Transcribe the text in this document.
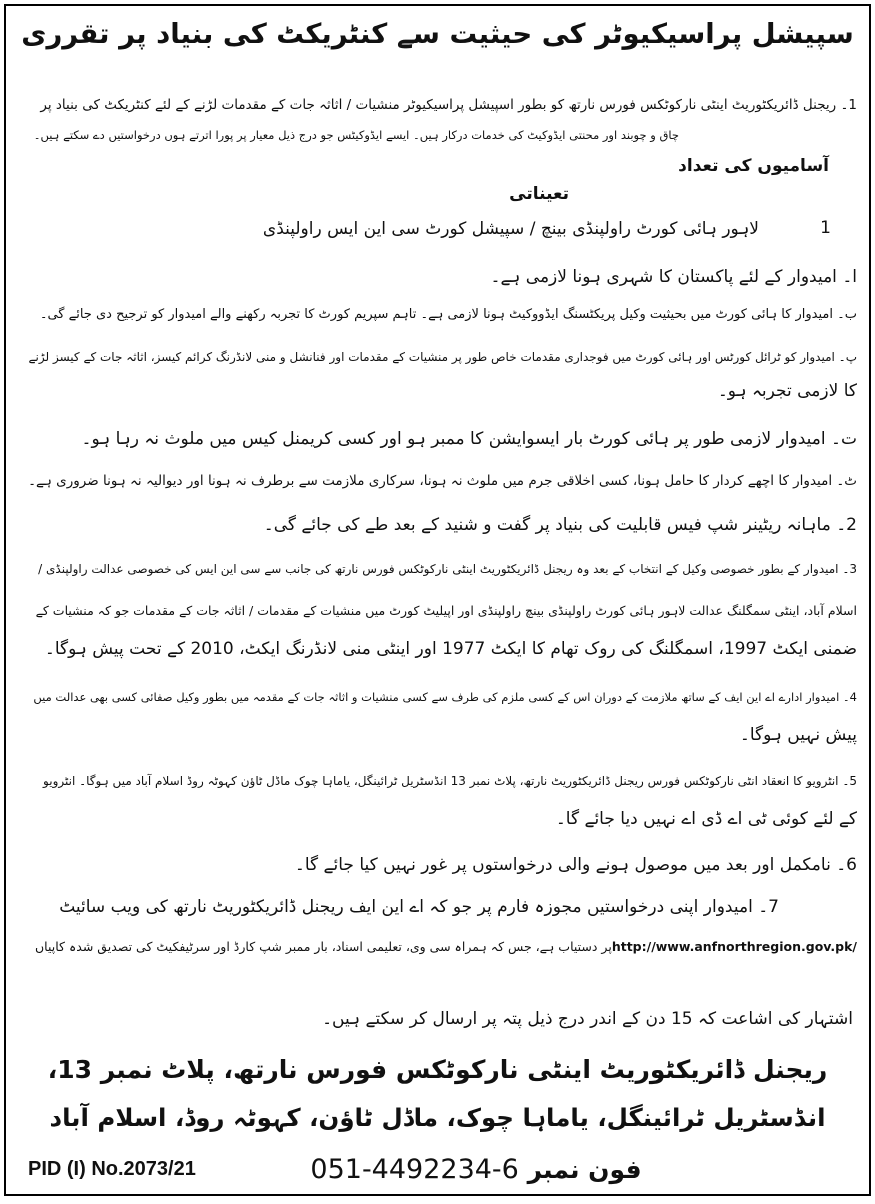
سپیشل پراسیکیوٹر کی حیثیت سے کنٹریکٹ کی بنیاد پر تقرری
1۔ ریجنل ڈائریکٹوریٹ اینٹی نارکوٹکس فورس نارتھ کو بطور اسپیشل پراسیکیوٹر منشیات / اثاثہ جات کے مقدمات لڑنے کے لئے کنٹریکٹ کی بنیاد پر
چاق و چوبند اور محنتی ایڈوکیٹ کی خدمات درکار ہیں۔ ایسے ایڈوکیٹس جو درج ذیل معیار پر پورا اترتے ہوں درخواستیں دے سکتے ہیں۔
آسامیوں کی تعداد
تعیناتی
1
لاہور ہائی کورٹ راولپنڈی بینچ / سپیشل کورٹ سی این ایس راولپنڈی
ا۔ امیدوار کے لئے پاکستان کا شہری ہونا لازمی ہے۔
ب۔ امیدوار کا ہائی کورٹ میں بحیثیت وکیل پریکٹسنگ ایڈووکیٹ ہونا لازمی ہے۔ تاہم سپریم کورٹ کا تجربہ رکھنے والے امیدوار کو ترجیح دی جائے گی۔
پ۔ امیدوار کو ٹرائل کورٹس اور ہائی کورٹ میں فوجداری مقدمات خاص طور پر منشیات کے مقدمات اور فنانشل و منی لانڈرنگ کرائم کیسز، اثاثہ جات کے کیسز لڑنے
کا لازمی تجربہ ہو۔
ت۔ امیدوار لازمی طور پر ہائی کورٹ بار ایسوایشن کا ممبر ہو اور کسی کریمنل کیس میں ملوث نہ رہا ہو۔
ٹ۔ امیدوار کا اچھے کردار کا حامل ہونا، کسی اخلاقی جرم میں ملوث نہ ہونا، سرکاری ملازمت سے برطرف نہ ہونا اور دیوالیہ نہ ہونا ضروری ہے۔
2۔ ماہانہ ریٹینر شپ فیس قابلیت کی بنیاد پر گفت و شنید کے بعد طے کی جائے گی۔
3۔ امیدوار کے بطور خصوصی وکیل کے انتخاب کے بعد وہ ریجنل ڈائریکٹوریٹ اینٹی نارکوٹکس فورس نارتھ کی جانب سے سی این ایس کی خصوصی عدالت راولپنڈی /
اسلام آباد، اینٹی سمگلنگ عدالت لاہور ہائی کورٹ راولپنڈی بینچ راولپنڈی اور اپیلیٹ کورٹ میں منشیات کے مقدمات / اثاثہ جات کے مقدمات جو کہ منشیات کے
ضمنی ایکٹ 1997، اسمگلنگ کی روک تھام کا ایکٹ 1977 اور اینٹی منی لانڈرنگ ایکٹ، 2010 کے تحت پیش ہوگا۔
4۔ امیدوار ادارے اے این ایف کے ساتھ ملازمت کے دوران اس کے کسی ملزم کی طرف سے کسی منشیات و اثاثہ جات کے مقدمہ میں بطور وکیل صفائی کسی بھی عدالت میں
پیش نہیں ہوگا۔
5۔ انٹرویو کا انعقاد انٹی نارکوٹکس فورس ریجنل ڈائریکٹوریٹ نارتھ، پلاٹ نمبر 13 انڈسٹریل ٹرائینگل، یاماہا چوک ماڈل ٹاؤن کہوٹہ روڈ اسلام آباد میں ہوگا۔ انٹرویو
کے لئے کوئی ٹی اے ڈی اے نہیں دیا جائے گا۔
6۔ نامکمل اور بعد میں موصول ہونے والی درخواستوں پر غور نہیں کیا جائے گا۔
7۔ امیدوار اپنی درخواستیں مجوزہ فارم پر جو کہ اے این ایف ریجنل ڈائریکٹوریٹ نارتھ کی ویب سائیٹ
http://www.anfnorthregion.gov.pk/پر دستیاب ہے، جس کہ ہمراہ سی وی، تعلیمی اسناد، بار ممبر شپ کارڈ اور سرٹیفکیٹ کی تصدیق شدہ کاپیاں
اشتہار کی اشاعت کہ 15 دن کے اندر درج ذیل پتہ پر ارسال کر سکتے ہیں۔
ریجنل ڈائریکٹوریٹ اینٹی نارکوٹکس فورس نارتھ، پلاٹ نمبر 13،
انڈسٹریل ٹرائینگل، یاماہا چوک، ماڈل ٹاؤن، کہوٹہ روڈ، اسلام آباد
فون نمبر 051-4492234-6
PID (I) No.2073/21
